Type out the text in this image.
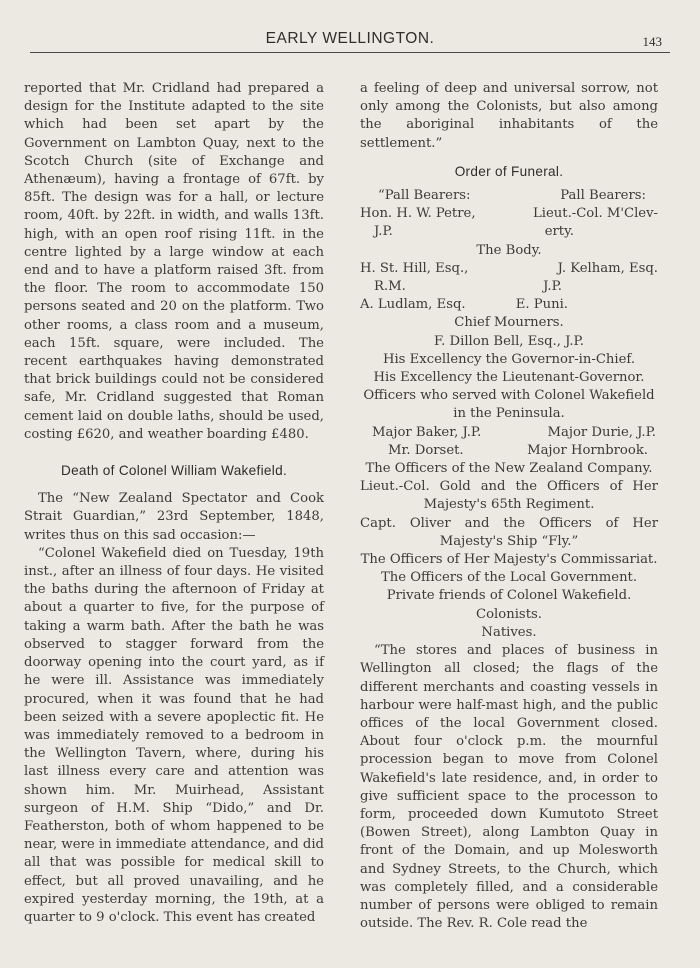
EARLY WELLINGTON.	143

reported that Mr. Cridland had prepared a design for the Institute adapted to the site which had been set apart by the Government on Lambton Quay, next to the Scotch Church (site of Exchange and Athenæum), having a frontage of 67ft. by 85ft. The design was for a hall, or lecture room, 40ft. by 22ft. in width, and walls 13ft. high, with an open roof rising 11ft. in the centre lighted by a large window at each end and to have a platform raised 3ft. from the floor. The room to accommodate 150 persons seated and 20 on the platform. Two other rooms, a class room and a museum, each 15ft. square, were included. The recent earthquakes having demonstrated that brick buildings could not be considered safe, Mr. Cridland suggested that Roman cement laid on double laths, should be used, costing £620, and weather boarding £480.

Death of Colonel William Wakefield.

The “New Zealand Spectator and Cook Strait Guardian,” 23rd September, 1848, writes thus on this sad occasion:—

“Colonel Wakefield died on Tuesday, 19th inst., after an illness of four days. He visited the baths during the afternoon of Friday at about a quarter to five, for the purpose of taking a warm bath. After the bath he was observed to stagger forward from the doorway opening into the court yard, as if he were ill. Assistance was immediately procured, when it was found that he had been seized with a severe apoplectic fit. He was immediately removed to a bedroom in the Wellington Tavern, where, during his last illness every care and attention was shown him. Mr. Muirhead, Assistant surgeon of H.M. Ship “Dido,” and Dr. Featherston, both of whom happened to be near, were in immediate attendance, and did all that was possible for medical skill to effect, but all proved unavailing, and he expired yesterday morning, the 19th, at a quarter to 9 o'clock. This event has created

a feeling of deep and universal sorrow, not only among the Colonists, but also among the aboriginal inhabitants of the settlement.”

Order of Funeral.
“Pall Bearers:	Pall Bearers:
Hon. H. W. Petre,	Lieut.-Col. M'Clev-
J.P.	erty.
The Body.
H. St. Hill, Esq.,	J. Kelham, Esq.
R.M.	J.P.
A. Ludlam, Esq.	E. Puni.
Chief Mourners.
F. Dillon Bell, Esq., J.P.
His Excellency the Governor-in-Chief.
His Excellency the Lieutenant-Governor.
Officers who served with Colonel Wakefield
in the Peninsula.
Major Baker, J.P.	Major Durie, J.P.
Mr. Dorset.	Major Hornbrook.
The Officers of the New Zealand Company.
Lieut.-Col. Gold and the Officers of Her
Majesty's 65th Regiment.
Capt. Oliver and the Officers of Her
Majesty's Ship “Fly.”
The Officers of Her Majesty's Commissariat.
The Officers of the Local Government.
Private friends of Colonel Wakefield.
Colonists.
Natives.

“The stores and places of business in Wellington all closed; the flags of the different merchants and coasting vessels in harbour were half-mast high, and the public offices of the local Government closed. About four o'clock p.m. the mournful procession began to move from Colonel Wakefield's late residence, and, in order to give sufficient space to the processon to form, proceeded down Kumutoto Street (Bowen Street), along Lambton Quay in front of the Domain, and up Molesworth and Sydney Streets, to the Church, which was completely filled, and a considerable number of persons were obliged to remain outside. The Rev. R. Cole read the
